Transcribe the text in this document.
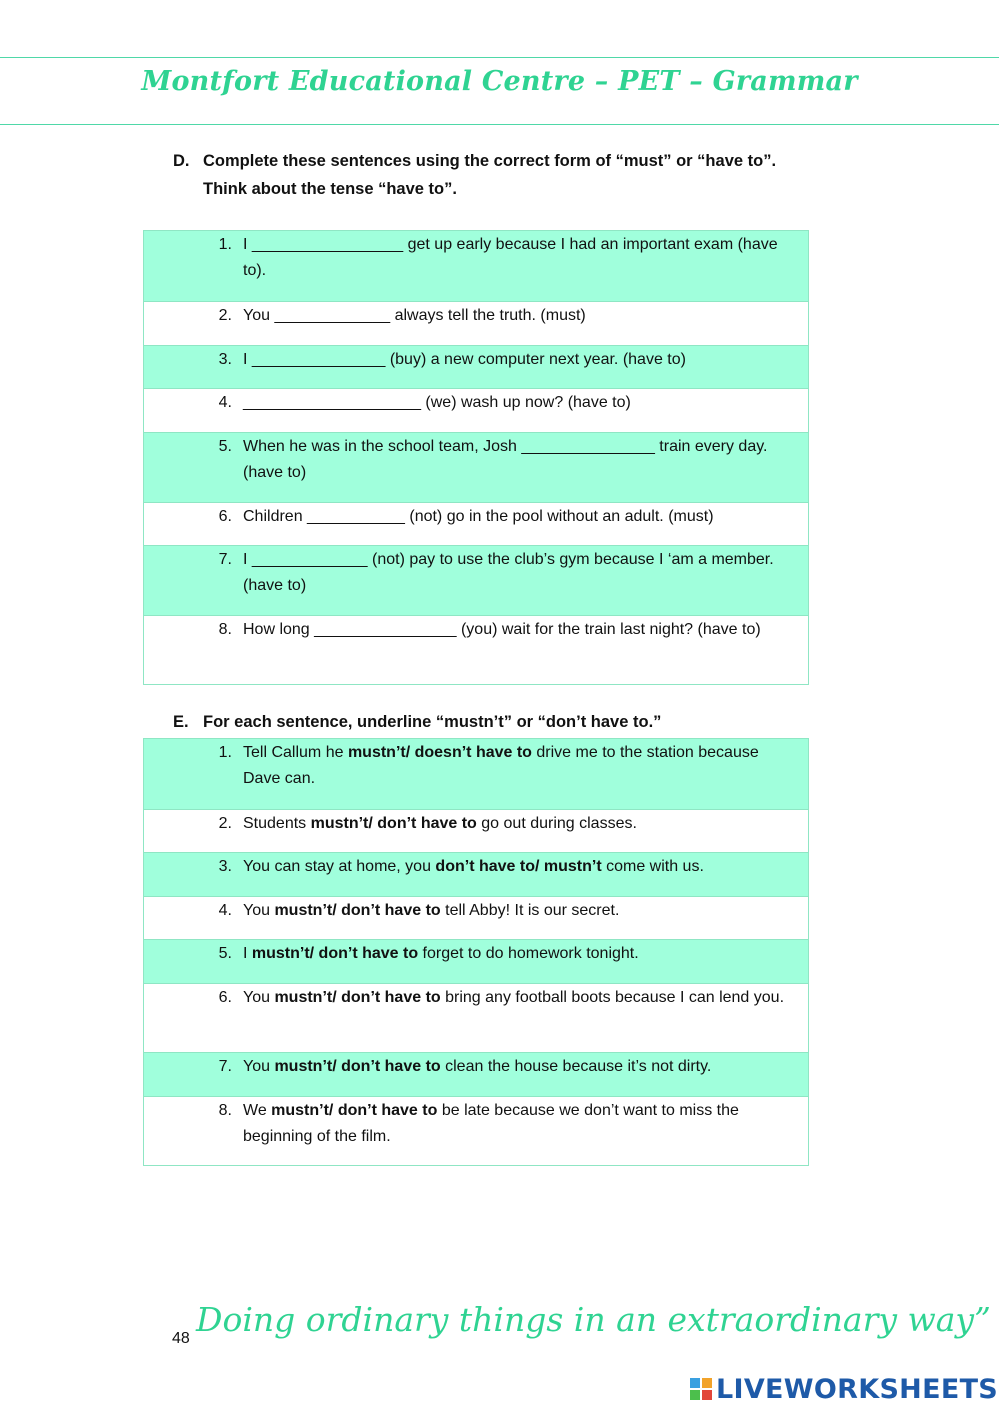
Montfort Educational Centre – PET – Grammar
D. Complete these sentences using the correct form of “must” or “have to”.
Think about the tense “have to”.
1. I _________________ get up early because I had an important exam (have to).
2. You _____________ always tell the truth. (must)
3. I _______________ (buy) a new computer next year. (have to)
4. ____________________ (we) wash up now? (have to)
5. When he was in the school team, Josh _______________ train every day. (have to)
6. Children ___________ (not) go in the pool without an adult. (must)
7. I _____________ (not) pay to use the club’s gym because I ‘am a member. (have to)
8. How long ________________ (you) wait for the train last night? (have to)
E. For each sentence, underline “mustn’t” or “don’t have to.”
1. Tell Callum he mustn’t/ doesn’t have to drive me to the station because Dave can.
2. Students mustn’t/ don’t have to go out during classes.
3. You can stay at home, you don’t have to/ mustn’t come with us.
4. You mustn’t/ don’t have to tell Abby! It is our secret.
5. I mustn’t/ don’t have to forget to do homework tonight.
6. You mustn’t/ don’t have to bring any football boots because I can lend you.
7. You mustn’t/ don’t have to clean the house because it’s not dirty.
8. We mustn’t/ don’t have to be late because we don’t want to miss the beginning of the film.
48 Doing ordinary things in an extraordinary way”
LIVEWORKSHEETS
